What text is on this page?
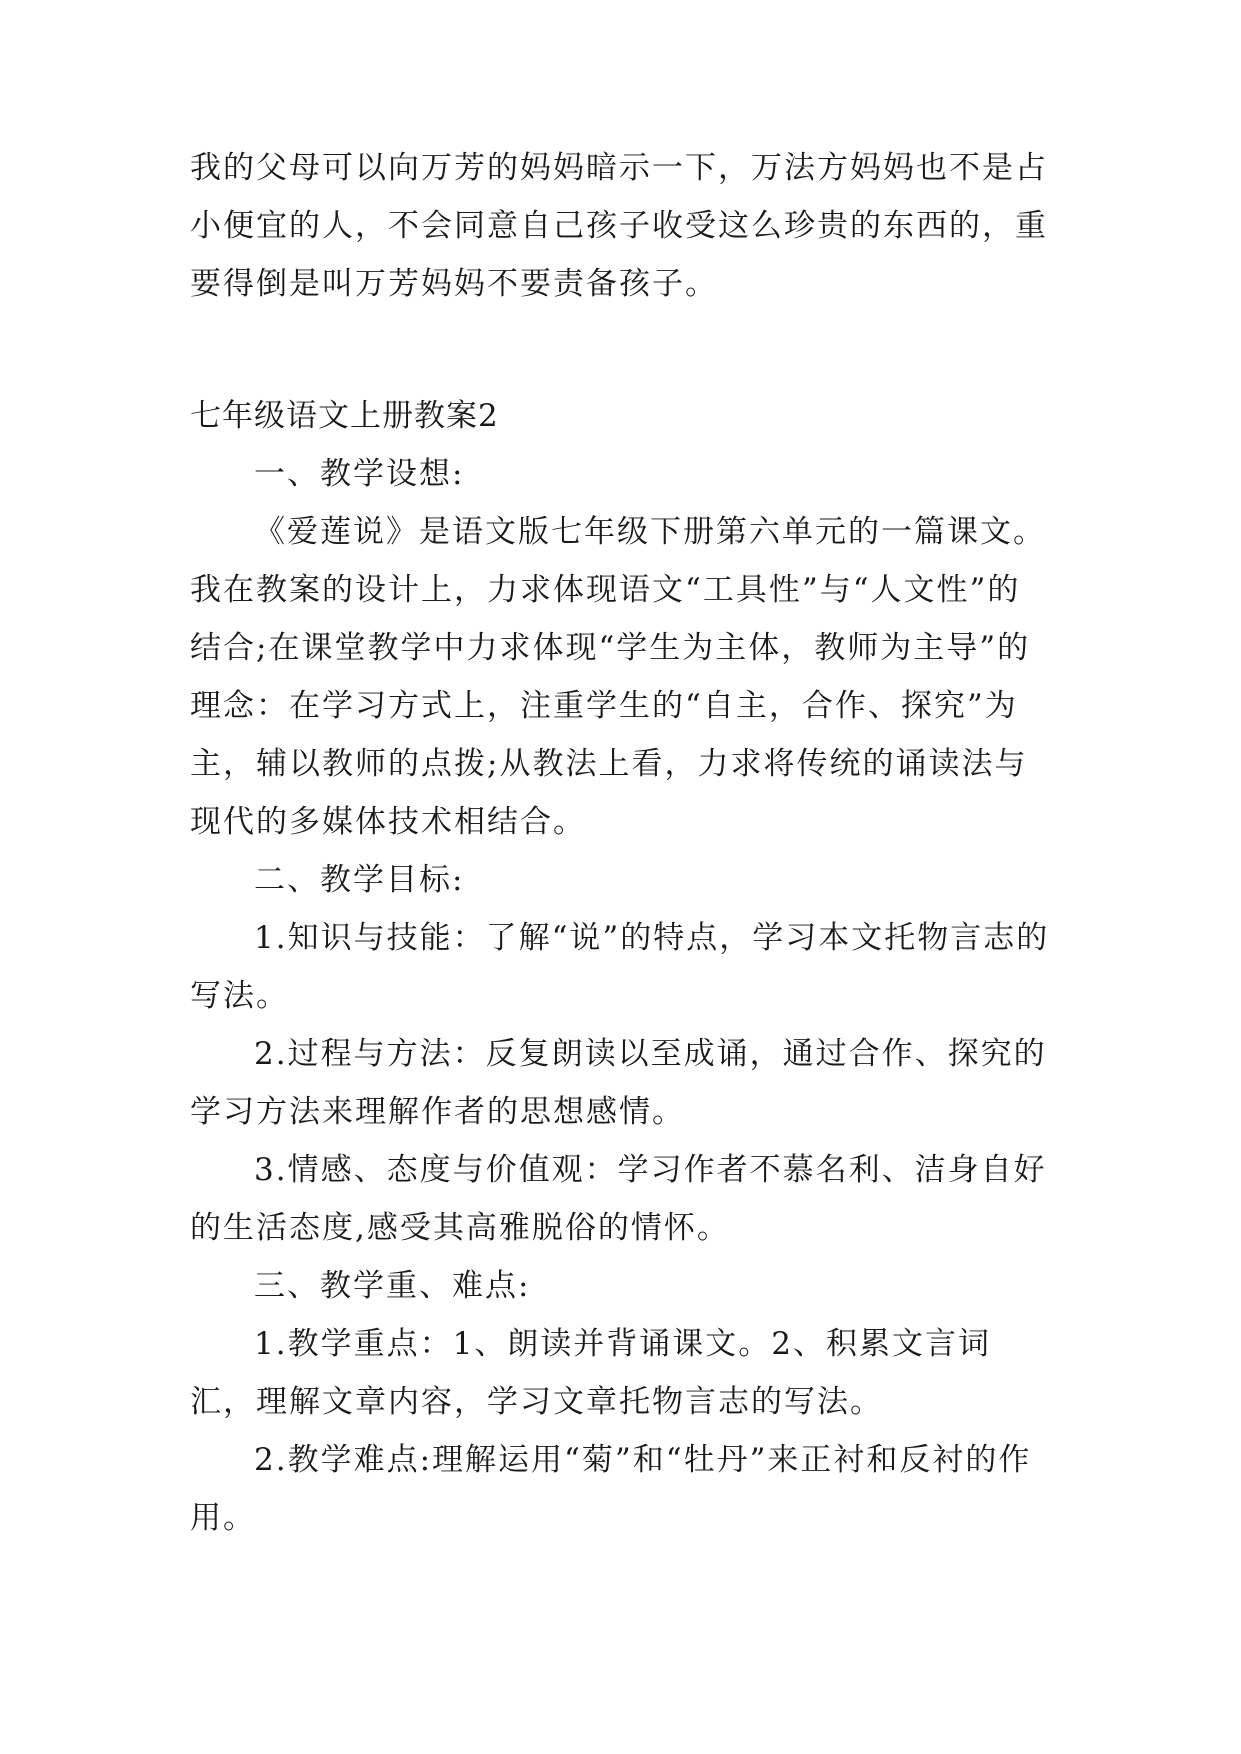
我的父母可以向万芳的妈妈暗示一下，万法方妈妈也不是占小便宜的人，不会同意自己孩子收受这么珍贵的东西的，重要得倒是叫万芳妈妈不要责备孩子。

七年级语文上册教案2

一、教学设想:

《爱莲说》是语文版七年级下册第六单元的一篇课文。我在教案的设计上，力求体现语文“工具性”与“人文性”的结合;在课堂教学中力求体现“学生为主体，教师为主导”的理念：在学习方式上，注重学生的“自主，合作、探究”为主，辅以教师的点拨;从教法上看，力求将传统的诵读法与现代的多媒体技术相结合。

二、教学目标:

1.知识与技能：了解“说”的特点，学习本文托物言志的写法。

2.过程与方法：反复朗读以至成诵，通过合作、探究的学习方法来理解作者的思想感情。

3.情感、态度与价值观：学习作者不慕名利、洁身自好的生活态度,感受其高雅脱俗的情怀。

三、教学重、难点:

1.教学重点：1、朗读并背诵课文。2、积累文言词汇，理解文章内容，学习文章托物言志的写法。

2.教学难点:理解运用“菊”和“牡丹”来正衬和反衬的作用。
